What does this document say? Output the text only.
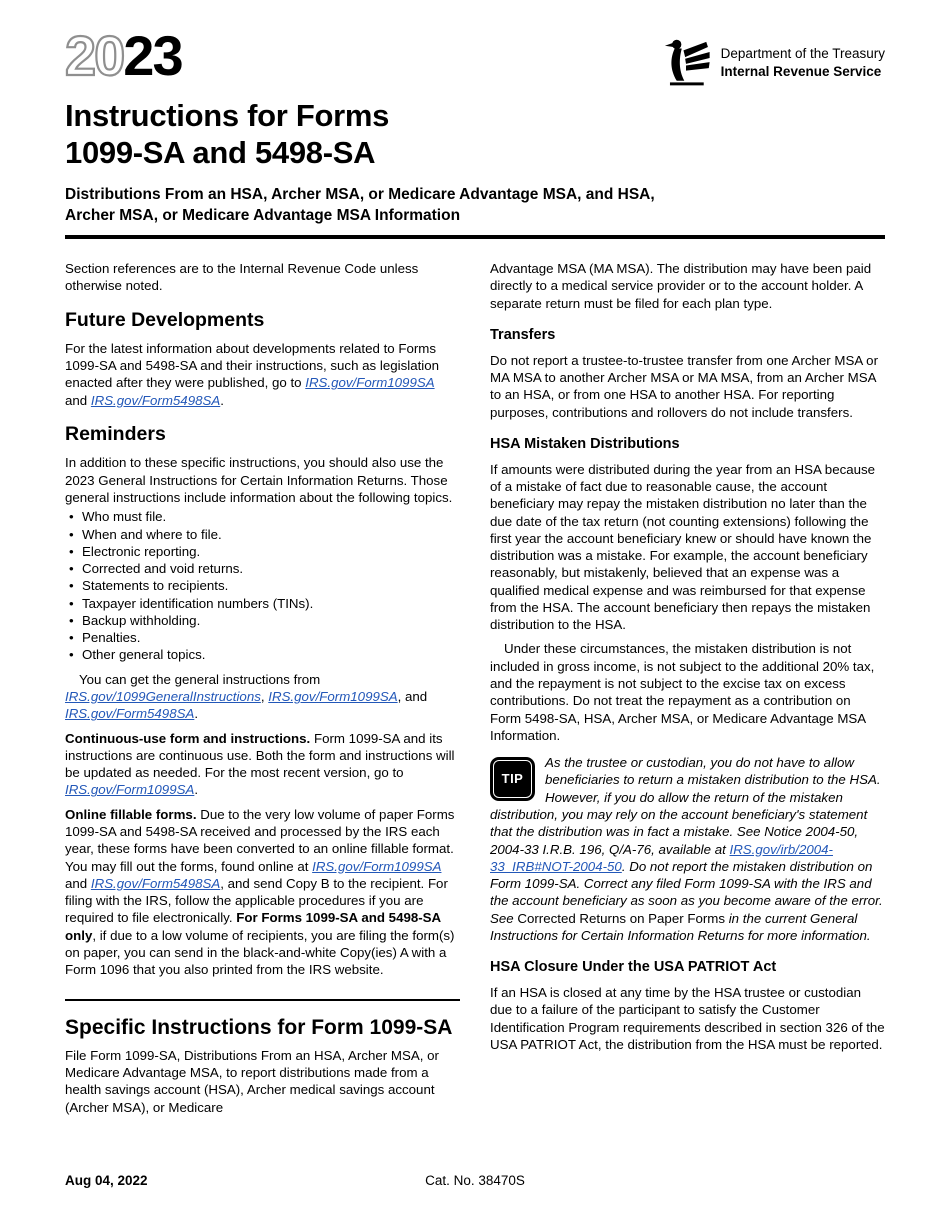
2023	Department of the Treasury
Internal Revenue Service
Instructions for Forms
1099-SA and 5498-SA
Distributions From an HSA, Archer MSA, or Medicare Advantage MSA, and HSA,
Archer MSA, or Medicare Advantage MSA Information

Section references are to the Internal Revenue Code unless otherwise noted.

Future Developments

For the latest information about developments related to Forms 1099-SA and 5498-SA and their instructions, such as legislation enacted after they were published, go to IRS.gov/Form1099SA and IRS.gov/Form5498SA.

Reminders

In addition to these specific instructions, you should also use the 2023 General Instructions for Certain Information Returns. Those general instructions include information about the following topics.

• Who must file.
• When and where to file.
• Electronic reporting.
• Corrected and void returns.
• Statements to recipients.
• Taxpayer identification numbers (TINs).
• Backup withholding.
• Penalties.
• Other general topics.

You can get the general instructions from IRS.gov/1099GeneralInstructions, IRS.gov/Form1099SA, and IRS.gov/Form5498SA.

Continuous-use form and instructions. Form 1099-SA and its instructions are continuous use. Both the form and instructions will be updated as needed. For the most recent version, go to IRS.gov/Form1099SA.

Online fillable forms. Due to the very low volume of paper Forms 1099-SA and 5498-SA received and processed by the IRS each year, these forms have been converted to an online fillable format. You may fill out the forms, found online at IRS.gov/Form1099SA and IRS.gov/Form5498SA, and send Copy B to the recipient. For filing with the IRS, follow the applicable procedures if you are required to file electronically. For Forms 1099-SA and 5498-SA only, if due to a low volume of recipients, you are filing the form(s) on paper, you can send in the black-and-white Copy(ies) A with a Form 1096 that you also printed from the IRS website.

Specific Instructions for Form 1099-SA

File Form 1099-SA, Distributions From an HSA, Archer MSA, or Medicare Advantage MSA, to report distributions made from a health savings account (HSA), Archer medical savings account (Archer MSA), or Medicare

Advantage MSA (MA MSA). The distribution may have been paid directly to a medical service provider or to the account holder. A separate return must be filed for each plan type.

Transfers

Do not report a trustee-to-trustee transfer from one Archer MSA or MA MSA to another Archer MSA or MA MSA, from an Archer MSA to an HSA, or from one HSA to another HSA. For reporting purposes, contributions and rollovers do not include transfers.

HSA Mistaken Distributions

If amounts were distributed during the year from an HSA because of a mistake of fact due to reasonable cause, the account beneficiary may repay the mistaken distribution no later than the due date of the tax return (not counting extensions) following the first year the account beneficiary knew or should have known the distribution was a mistake. For example, the account beneficiary reasonably, but mistakenly, believed that an expense was a qualified medical expense and was reimbursed for that expense from the HSA. The account beneficiary then repays the mistaken distribution to the HSA.

Under these circumstances, the mistaken distribution is not included in gross income, is not subject to the additional 20% tax, and the repayment is not subject to the excise tax on excess contributions. Do not treat the repayment as a contribution on Form 5498-SA, HSA, Archer MSA, or Medicare Advantage MSA Information.

TIP
As the trustee or custodian, you do not have to allow beneficiaries to return a mistaken distribution to the HSA. However, if you do allow the return of the mistaken distribution, you may rely on the account beneficiary's statement that the distribution was in fact a mistake. See Notice 2004-50, 2004-33 I.R.B. 196, Q/A-76, available at IRS.gov/irb/2004-33_IRB#NOT-2004-50. Do not report the mistaken distribution on Form 1099-SA. Correct any filed Form 1099-SA with the IRS and the account beneficiary as soon as you become aware of the error. See Corrected Returns on Paper Forms in the current General Instructions for Certain Information Returns for more information.
HSA Closure Under the USA PATRIOT Act

If an HSA is closed at any time by the HSA trustee or custodian due to a failure of the participant to satisfy the Customer Identification Program requirements described in section 326 of the USA PATRIOT Act, the distribution from the HSA must be reported.

Aug 04, 2022	Cat. No. 38470S
